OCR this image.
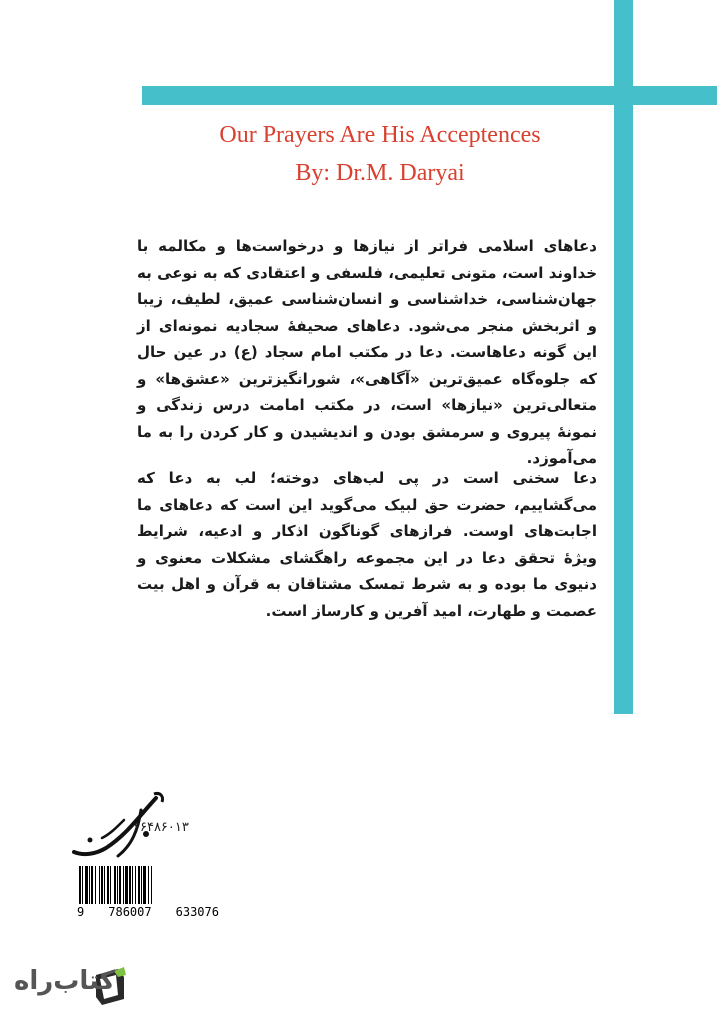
Our Prayers Are His Acceptences
By: Dr.M. Daryai

دعاهای اسلامی فراتر از نیازها و درخواست‌ها و مکالمه با خداوند است، متونی تعلیمی، فلسفی و اعتقادی که به نوعی به جهان‌شناسی، خداشناسی و انسان‌شناسی عمیق، لطیف، زیبا و اثربخش منجر می‌شود. دعاهای صحیفهٔ سجادیه نمونه‌ای از این گونه دعاهاست. دعا در مکتب امام سجاد (ع) در عین حال که جلوه‌گاه عمیق‌ترین «آگاهی»، شورانگیزترین «عشق‌ها» و متعالی‌ترین «نیازها» است، در مکتب امامت درس زندگی و نمونهٔ پیروی و سرمشق بودن و اندیشیدن و کار کردن را به ما می‌آموزد.

دعا سخنی است در پی لب‌های دوخته؛ لب به دعا که می‌گشاییم، حضرت حق لبیک می‌گوید این است که دعاهای ما اجابت‌های اوست. فرازهای گوناگون اذکار و ادعیه، شرایط ویژهٔ تحقق دعا در این مجموعه راهگشای مشکلات معنوی و دنیوی ما بوده و به شرط تمسک مشتاقان به قرآن و اهل بیت عصمت و طهارت، امید آفرین و کارساز است.

۶۶۴۸۶۰۱۳
9 786007 633076
کتاب‌راه
